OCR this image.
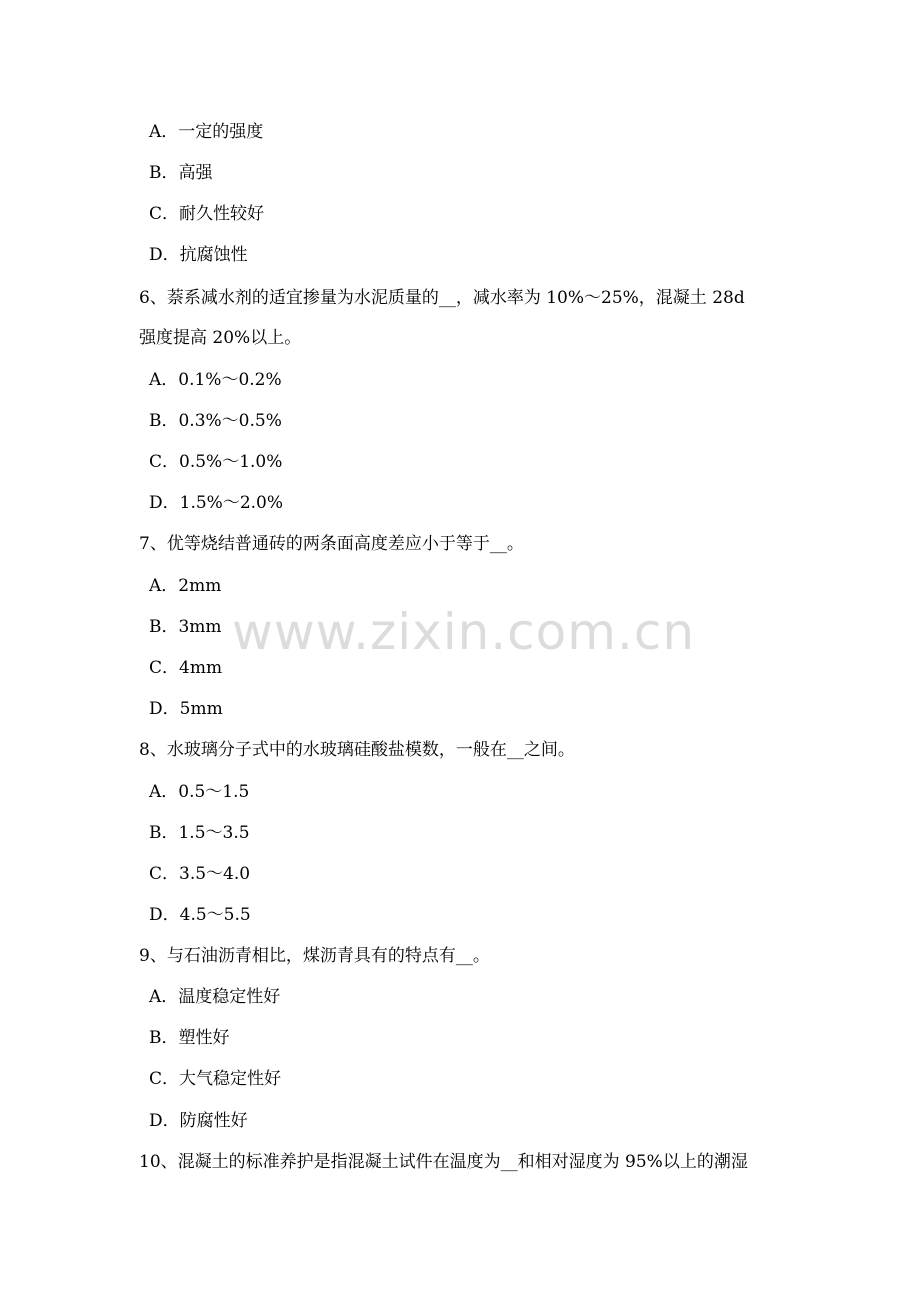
A．一定的强度
B．高强
C．耐久性较好
D．抗腐蚀性
6、萘系减水剂的适宜掺量为水泥质量的__，减水率为 10%～25%，混凝土 28d
强度提高 20%以上。
A．0.1%～0.2%
B．0.3%～0.5%
C．0.5%～1.0%
D．1.5%～2.0%
7、优等烧结普通砖的两条面高度差应小于等于__。
A．2mm
B．3mm
C．4mm
D．5mm
8、水玻璃分子式中的水玻璃硅酸盐模数，一般在__之间。
A．0.5～1.5
B．1.5～3.5
C．3.5～4.0
D．4.5～5.5
9、与石油沥青相比，煤沥青具有的特点有__。
A．温度稳定性好
B．塑性好
C．大气稳定性好
D．防腐性好
10、混凝土的标准养护是指混凝土试件在温度为__和相对湿度为 95%以上的潮湿
www.zixin.com.cn
